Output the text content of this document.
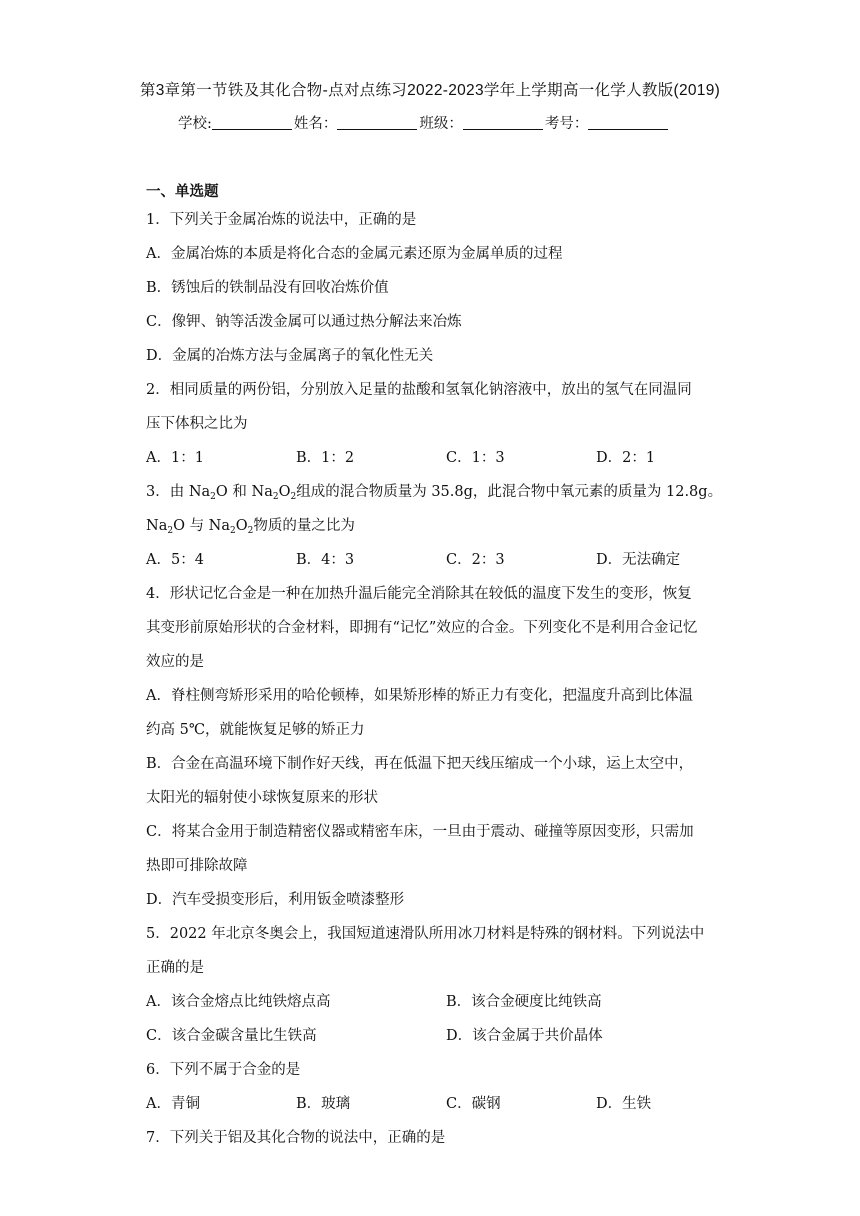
第3章第一节铁及其化合物-点对点练习2022-2023学年上学期高一化学人教版(2019)
学校:	姓名：	班级：	考号：
一、单选题
1．下列关于金属冶炼的说法中，正确的是
A．金属冶炼的本质是将化合态的金属元素还原为金属单质的过程
B．锈蚀后的铁制品没有回收冶炼价值
C．像钾、钠等活泼金属可以通过热分解法来冶炼
D．金属的冶炼方法与金属离子的氧化性无关
2．相同质量的两份铝，分别放入足量的盐酸和氢氧化钠溶液中，放出的氢气在同温同
压下体积之比为
A．1：1	B．1：2	C．1：3	D．2：1
3．由 $Na_2O$ 和 $Na_2O_2$组成的混合物质量为 35.8g，此混合物中氧元素的质量为 12.8g。
$Na_2O$ 与 $Na_2O_2$物质的量之比为
A．5：4	B．4：3	C．2：3	D．无法确定
4．形状记忆合金是一种在加热升温后能完全消除其在较低的温度下发生的变形，恢复
其变形前原始形状的合金材料，即拥有“记忆”效应的合金。下列变化不是利用合金记忆
效应的是
A．脊柱侧弯矫形采用的哈伦顿棒，如果矫形棒的矫正力有变化，把温度升高到比体温
约高 5℃，就能恢复足够的矫正力
B．合金在高温环境下制作好天线，再在低温下把天线压缩成一个小球，运上太空中，
太阳光的辐射使小球恢复原来的形状
C．将某合金用于制造精密仪器或精密车床，一旦由于震动、碰撞等原因变形，只需加
热即可排除故障
D．汽车受损变形后，利用钣金喷漆整形
5．2022 年北京冬奥会上，我国短道速滑队所用冰刀材料是特殊的钢材料。下列说法中
正确的是
A．该合金熔点比纯铁熔点高	B．该合金硬度比纯铁高
C．该合金碳含量比生铁高	D．该合金属于共价晶体
6．下列不属于合金的是
A．青铜	B．玻璃	C．碳钢	D．生铁
7．下列关于铝及其化合物的说法中，正确的是
